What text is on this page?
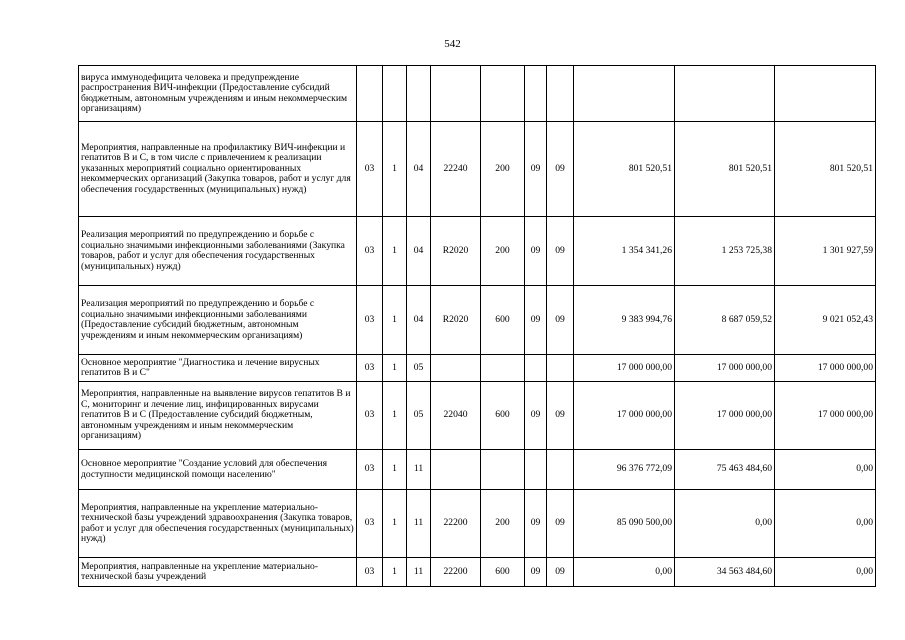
542
вируса иммунодефицита человека и предупреждение распространения ВИЧ-инфекции (Предоставление субсидий бюджетным, автономным учреждениям и иным некоммерческим организациям)										
Мероприятия, направленные на профилактику ВИЧ-инфекции и гепатитов В и С, в том числе с привлечением к реализации указанных мероприятий социально ориентированных некоммерческих организаций (Закупка товаров, работ и услуг для обеспечения государственных (муниципальных) нужд)	03	1	04	22240	200	09	09	801 520,51	801 520,51	801 520,51
Реализация мероприятий по предупреждению и борьбе с социально значимыми инфекционными заболеваниями (Закупка товаров, работ и услуг для обеспечения государственных (муниципальных) нужд)	03	1	04	R2020	200	09	09	1 354 341,26	1 253 725,38	1 301 927,59
Реализация мероприятий по предупреждению и борьбе с социально значимыми инфекционными заболеваниями (Предоставление субсидий бюджетным, автономным учреждениям и иным некоммерческим организациям)	03	1	04	R2020	600	09	09	9 383 994,76	8 687 059,52	9 021 052,43
Основное мероприятие "Диагностика и лечение вирусных гепатитов В и С"	03	1	05					17 000 000,00	17 000 000,00	17 000 000,00
Мероприятия, направленные на выявление вирусов гепатитов В и С, мониторинг и лечение лиц, инфицированных вирусами гепатитов В и С (Предоставление субсидий бюджетным, автономным учреждениям и иным некоммерческим организациям)	03	1	05	22040	600	09	09	17 000 000,00	17 000 000,00	17 000 000,00
Основное мероприятие "Создание условий для обеспечения доступности медицинской помощи населению"	03	1	11					96 376 772,09	75 463 484,60	0,00
Мероприятия, направленные на укрепление материально-технической базы учреждений здравоохранения (Закупка товаров, работ и услуг для обеспечения государственных (муниципальных) нужд)	03	1	11	22200	200	09	09	85 090 500,00	0,00	0,00
Мероприятия, направленные на укрепление материально-технической базы учреждений	03	1	11	22200	600	09	09	0,00	34 563 484,60	0,00
